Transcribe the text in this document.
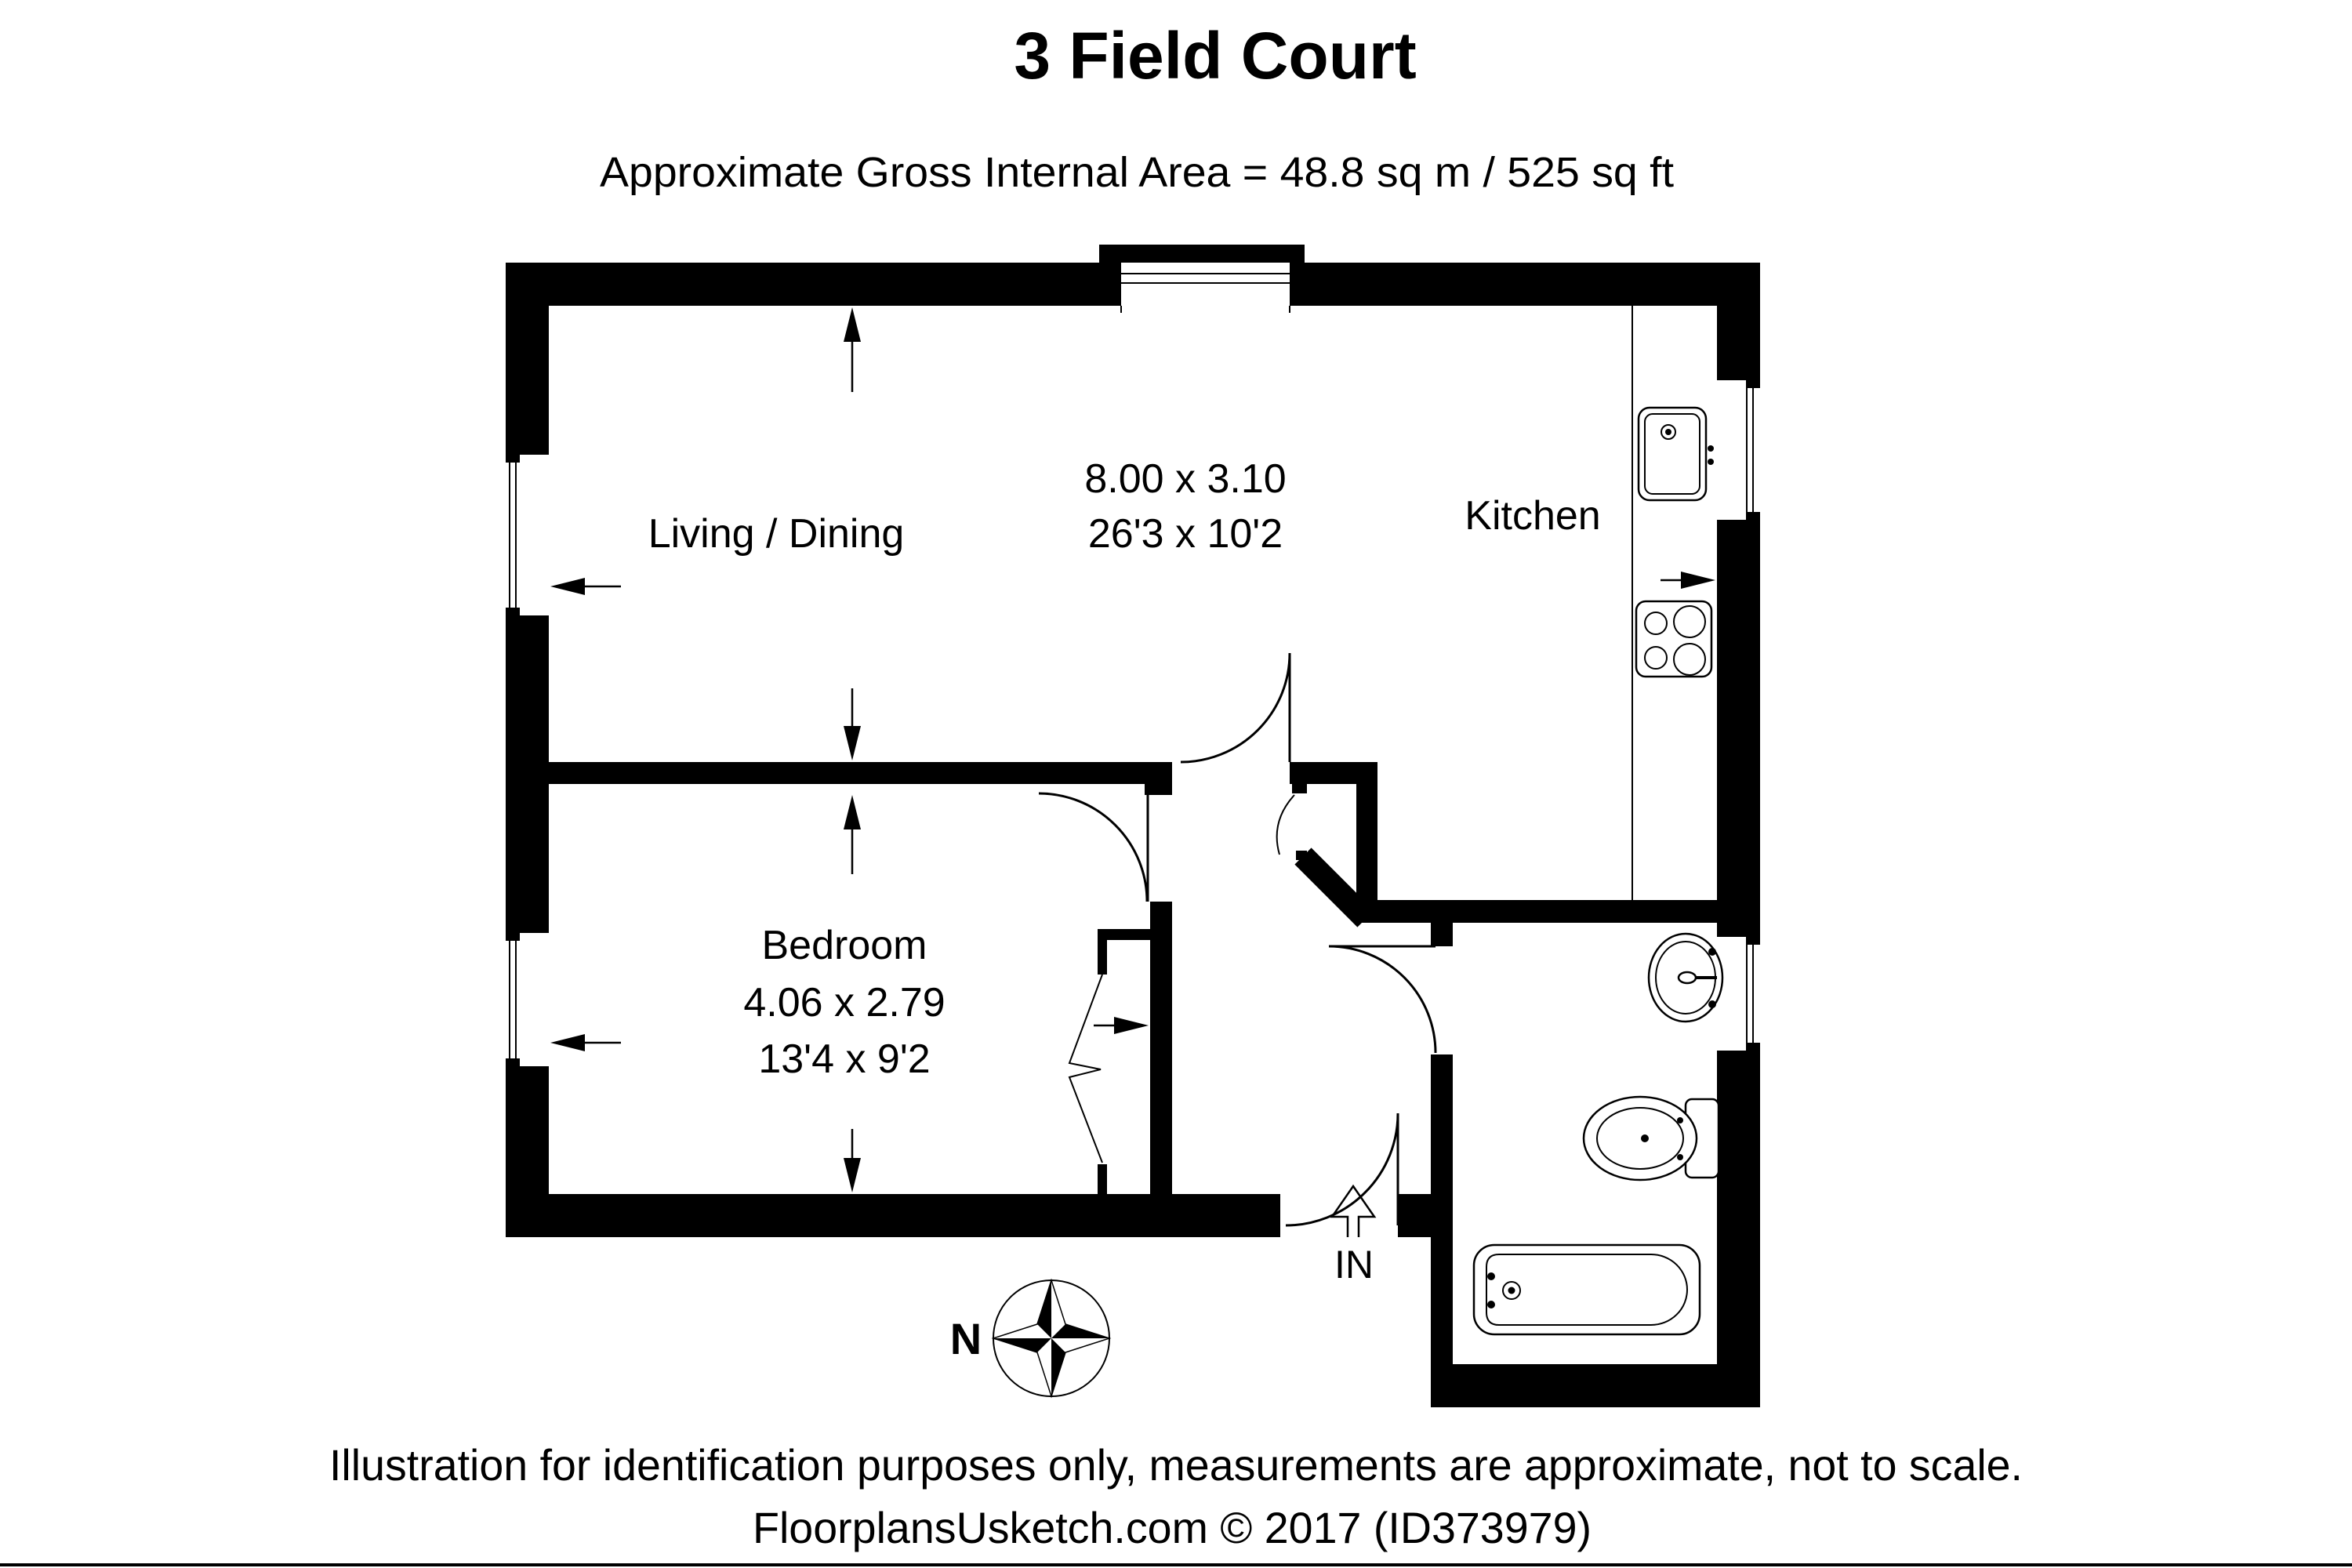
3 Field Court
Approximate Gross Internal Area = 48.8 sq m / 525 sq ft
IN
N
Living / Dining
8.00 x 3.10
26'3 x 10'2	Kitchen
Bedroom
4.06 x 2.79
13'4 x 9'2
Illustration for identification purposes only, measurements are approximate, not to scale.
FloorplansUsketch.com © 2017 (ID373979)
